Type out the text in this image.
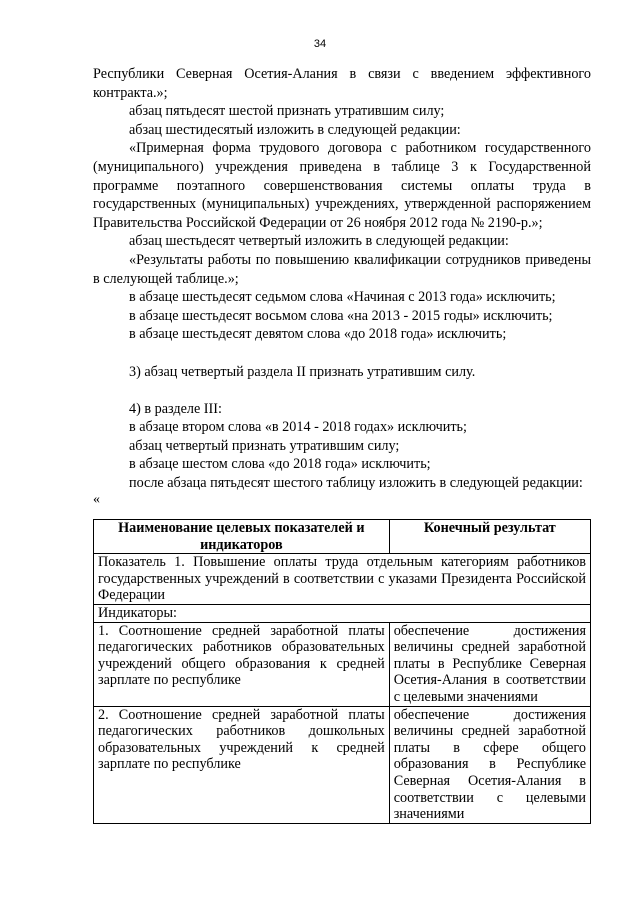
34

Республики Северная Осетия-Алания в связи с введением эффективного контракта.»;

абзац пятьдесят шестой признать утратившим силу;

абзац шестидесятый изложить в следующей редакции:

«Примерная форма трудового договора с работником государственного (муниципального) учреждения приведена в таблице 3 к Государственной программе поэтапного совершенствования системы оплаты труда в государственных (муниципальных) учреждениях, утвержденной распоряжением Правительства Российской Федерации от 26 ноября 2012 года № 2190-р.»;

абзац шестьдесят четвертый изложить в следующей редакции:

«Результаты работы по повышению квалификации сотрудников приведены в слелующей таблице.»;

в абзаце шестьдесят седьмом слова «Начиная с 2013 года» исключить;

в абзаце шестьдесят восьмом слова «на 2013 - 2015 годы» исключить;

в абзаце шестьдесят девятом слова «до 2018 года» исключить;

3) абзац четвертый раздела II признать утратившим силу.

4) в разделе III:

в абзаце втором слова «в 2014 - 2018 годах» исключить;

абзац четвертый признать утратившим силу;

в абзаце шестом слова «до 2018 года» исключить;

после абзаца пятьдесят шестого таблицу изложить в следующей редакции:

«

Наименование целевых показателей и индикаторов	Конечный результат
Показатель 1. Повышение оплаты труда отдельным категориям работников государственных учреждений в соответствии с указами Президента Российской Федерации	
Индикаторы:	
1. Соотношение средней заработной платы педагогических работников образовательных учреждений общего образования к средней зарплате по республике	обеспечение достижения величины средней заработной платы в Республике Северная Осетия-Алания в соответствии с целевыми значениями
2. Соотношение средней заработной платы педагогических работников дошкольных образовательных учреждений к средней зарплате по республике	обеспечение достижения величины средней заработной платы в сфере общего образования в Республике Северная Осетия-Алания в соответствии с целевыми значениями
